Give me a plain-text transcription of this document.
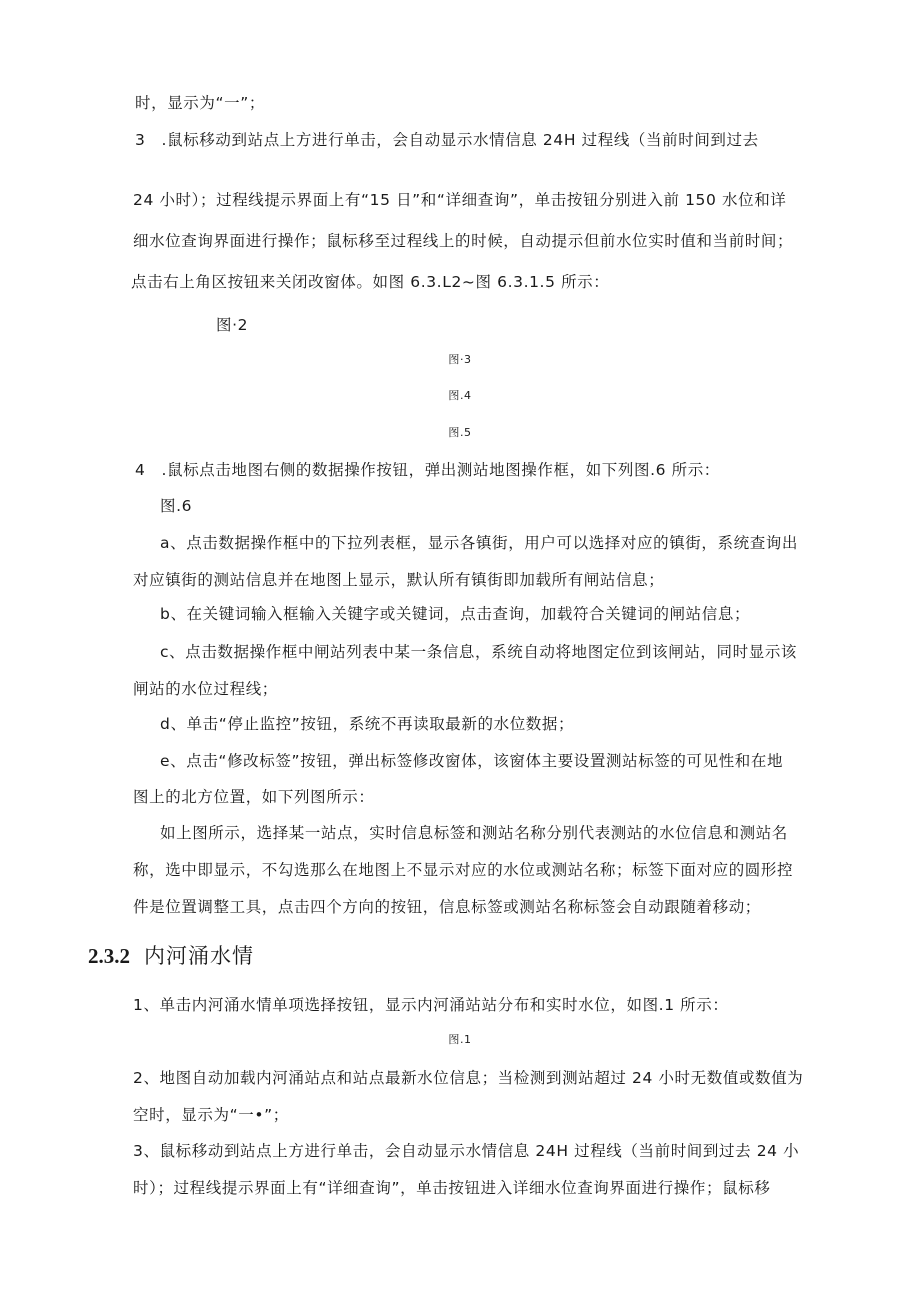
时，显示为“一”；
3　.鼠标移动到站点上方进行单击，会自动显示水情信息 24H 过程线（当前时间到过去
24 小时）；过程线提示界面上有“15 日”和“详细查询”，单击按钮分别进入前 150 水位和详
细水位查询界面进行操作；鼠标移至过程线上的时候，自动提示但前水位实时值和当前时间；
点击右上角区按钮来关闭改窗体。如图 6.3.L2~图 6.3.1.5 所示：
图·2
图·3
图.4
图.5
4　.鼠标点击地图右侧的数据操作按钮，弹出测站地图操作框，如下列图.6 所示：
图.6
a、点击数据操作框中的下拉列表框，显示各镇街，用户可以选择对应的镇街，系统查询出
对应镇街的测站信息并在地图上显示，默认所有镇街即加载所有闸站信息；
b、在关键词输入框输入关键字或关键词，点击查询，加载符合关键词的闸站信息；
c、点击数据操作框中闸站列表中某一条信息，系统自动将地图定位到该闸站，同时显示该
闸站的水位过程线；
d、单击“停止监控”按钮，系统不再读取最新的水位数据；
e、点击“修改标签”按钮，弹出标签修改窗体，该窗体主要设置测站标签的可见性和在地
图上的北方位置，如下列图所示：
如上图所示，选择某一站点，实时信息标签和测站名称分别代表测站的水位信息和测站名
称，选中即显示，不勾选那么在地图上不显示对应的水位或测站名称；标签下面对应的圆形控
件是位置调整工具，点击四个方向的按钮，信息标签或测站名称标签会自动跟随着移动；
2.3.2 内河涌水情
1、单击内河涌水情单项选择按钮，显示内河涌站站分布和实时水位，如图.1 所示：
图.1
2、地图自动加载内河涌站点和站点最新水位信息；当检测到测站超过 24 小时无数值或数值为
空时，显示为“一•”；
3、鼠标移动到站点上方进行单击，会自动显示水情信息 24H 过程线（当前时间到过去 24 小
时）；过程线提示界面上有“详细查询”，单击按钮进入详细水位查询界面进行操作；鼠标移
